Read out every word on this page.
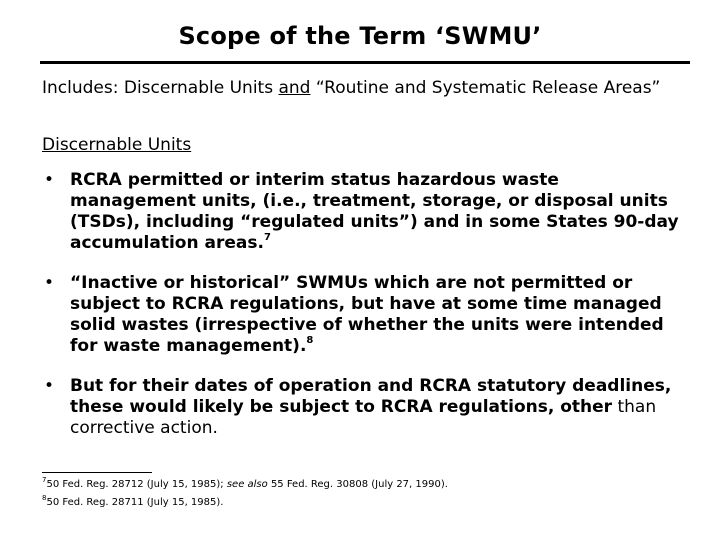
Scope of the Term ‘SWMU’
Includes: Discernable Units and “Routine and Systematic Release Areas”
Discernable Units
• RCRA permitted or interim status hazardous waste management units, (i.e., treatment, storage, or disposal units (TSDs), including “regulated units”) and in some States 90-day accumulation areas.$^7$
• “Inactive or historical” SWMUs which are not permitted or subject to RCRA regulations, but have at some time managed solid wastes (irrespective of whether the units were intended for waste management).$^8$
• But for their dates of operation and RCRA statutory deadlines, these would likely be subject to RCRA regulations, other than corrective action.
$^7$50 Fed. Reg. 28712 (July 15, 1985); see also 55 Fed. Reg. 30808 (July 27, 1990).
$^8$50 Fed. Reg. 28711 (July 15, 1985).
